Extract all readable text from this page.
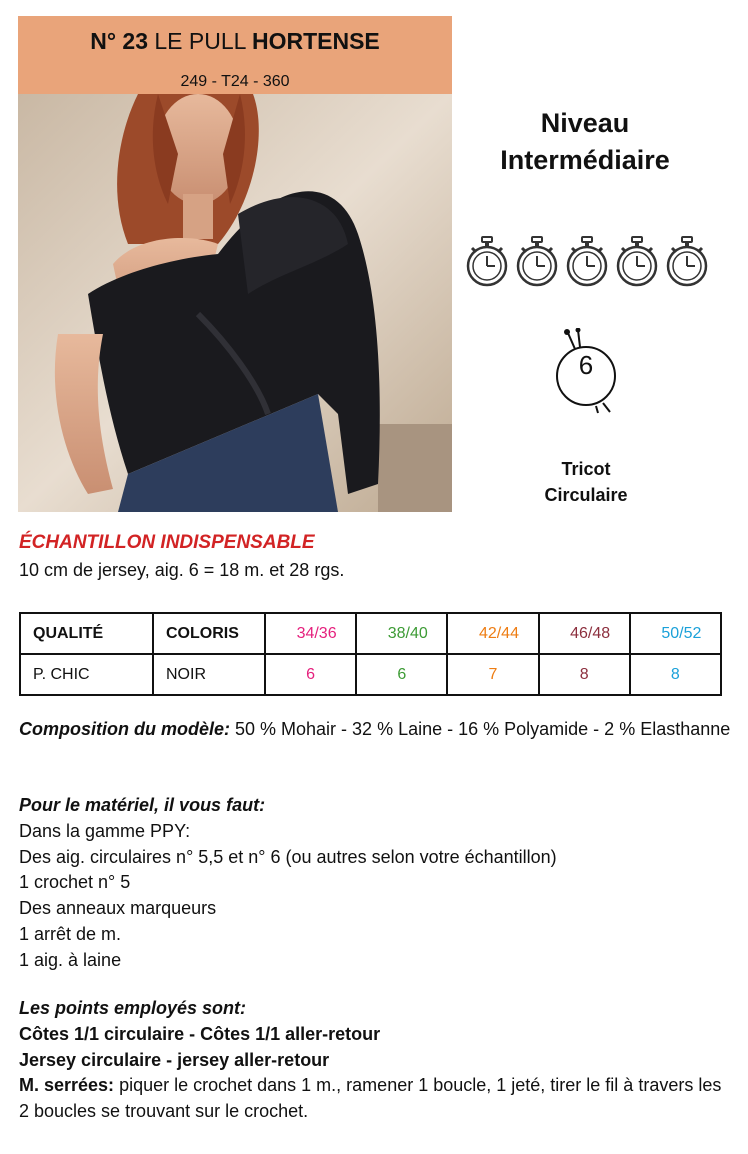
N° 23 LE PULL HORTENSE
249 - T24 - 360
Niveau
Intermédiaire
6
Tricot
Circulaire
ÉCHANTILLON INDISPENSABLE
10 cm de jersey, aig. 6 = 18 m. et 28 rgs.
QUALITÉ	COLORIS	34/36	38/40	42/44	46/48	50/52
P. CHIC	NOIR	6	6	7	8	8
Composition du modèle: 50 % Mohair - 32 % Laine - 16 % Polyamide - 2 % Elasthanne
Pour le matériel, il vous faut:
Dans la gamme PPY:
Des aig. circulaires n° 5,5 et n° 6 (ou autres selon votre échantillon)
1 crochet n° 5
Des anneaux marqueurs
1 arrêt de m.
1 aig. à laine
Les points employés sont:
Côtes 1/1 circulaire - Côtes 1/1 aller-retour
Jersey circulaire - jersey aller-retour
M. serrées: piquer le crochet dans 1 m., ramener 1 boucle, 1 jeté, tirer le fil à travers les 2 boucles se trouvant sur le crochet.
